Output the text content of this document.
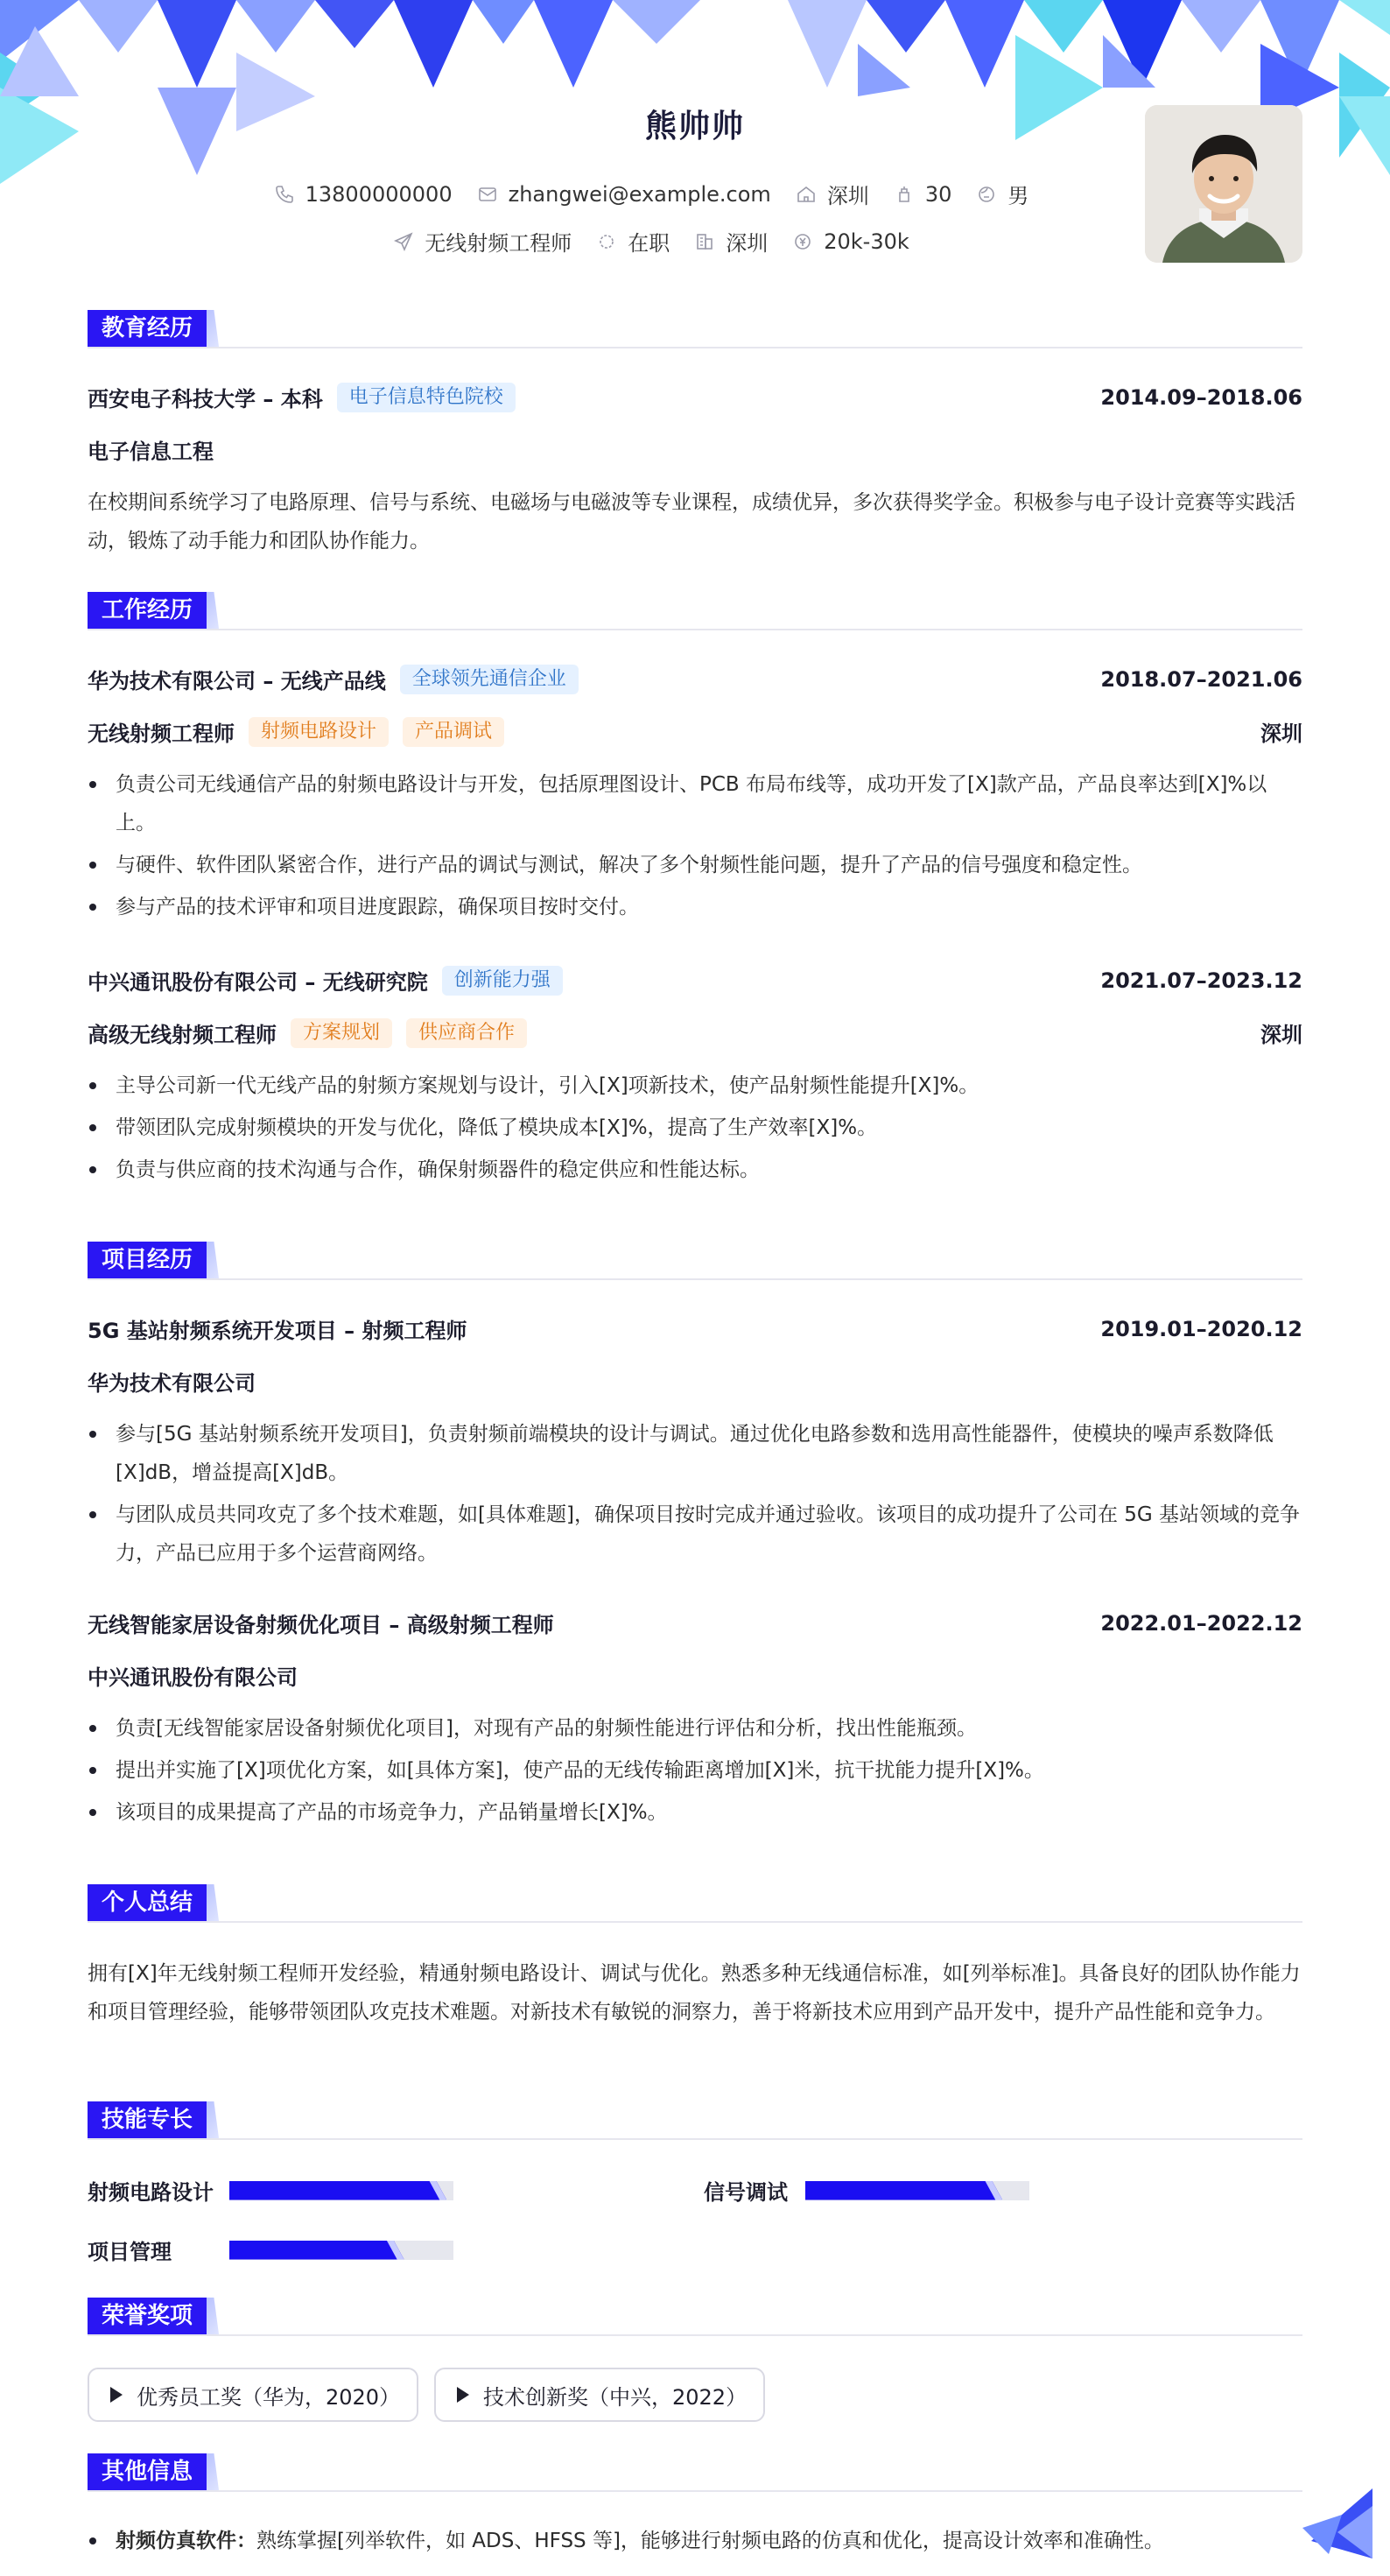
熊帅帅
13800000000	zhangwei@example.com	深圳	30	男
无线射频工程师	在职	深圳	20k-30k
教育经历
西安电子科技大学 – 本科	电子信息特色院校	2014.09–2018.06
电子信息工程
在校期间系统学习了电路原理、信号与系统、电磁场与电磁波等专业课程，成绩优异，多次获得奖学金。积极参与电子设计竞赛等实践活动，锻炼了动手能力和团队协作能力。
工作经历
华为技术有限公司 – 无线产品线	全球领先通信企业	2018.07–2021.06
无线射频工程师	射频电路设计	产品调试	深圳
负责公司无线通信产品的射频电路设计与开发，包括原理图设计、PCB 布局布线等，成功开发了[X]款产品，产品良率达到[X]%以上。
与硬件、软件团队紧密合作，进行产品的调试与测试，解决了多个射频性能问题，提升了产品的信号强度和稳定性。
参与产品的技术评审和项目进度跟踪，确保项目按时交付。
中兴通讯股份有限公司 – 无线研究院	创新能力强	2021.07–2023.12
高级无线射频工程师	方案规划	供应商合作	深圳
主导公司新一代无线产品的射频方案规划与设计，引入[X]项新技术，使产品射频性能提升[X]%。
带领团队完成射频模块的开发与优化，降低了模块成本[X]%，提高了生产效率[X]%。
负责与供应商的技术沟通与合作，确保射频器件的稳定供应和性能达标。
项目经历
5G 基站射频系统开发项目 – 射频工程师	2019.01–2020.12
华为技术有限公司
参与[5G 基站射频系统开发项目]，负责射频前端模块的设计与调试。通过优化电路参数和选用高性能器件，使模块的噪声系数降低[X]dB，增益提高[X]dB。
与团队成员共同攻克了多个技术难题，如[具体难题]，确保项目按时完成并通过验收。该项目的成功提升了公司在 5G 基站领域的竞争力，产品已应用于多个运营商网络。
无线智能家居设备射频优化项目 – 高级射频工程师	2022.01–2022.12
中兴通讯股份有限公司
负责[无线智能家居设备射频优化项目]，对现有产品的射频性能进行评估和分析，找出性能瓶颈。
提出并实施了[X]项优化方案，如[具体方案]，使产品的无线传输距离增加[X]米，抗干扰能力提升[X]%。
该项目的成果提高了产品的市场竞争力，产品销量增长[X]%。
个人总结
拥有[X]年无线射频工程师开发经验，精通射频电路设计、调试与优化。熟悉多种无线通信标准，如[列举标准]。具备良好的团队协作能力和项目管理经验，能够带领团队攻克技术难题。对新技术有敏锐的洞察力，善于将新技术应用到产品开发中，提升产品性能和竞争力。
技能专长
射频电路设计	信号调试
项目管理
荣誉奖项
优秀员工奖（华为，2020）	技术创新奖（中兴，2022）
其他信息
射频仿真软件：熟练掌握[列举软件，如 ADS、HFSS 等]，能够进行射频电路的仿真和优化，提高设计效率和准确性。
